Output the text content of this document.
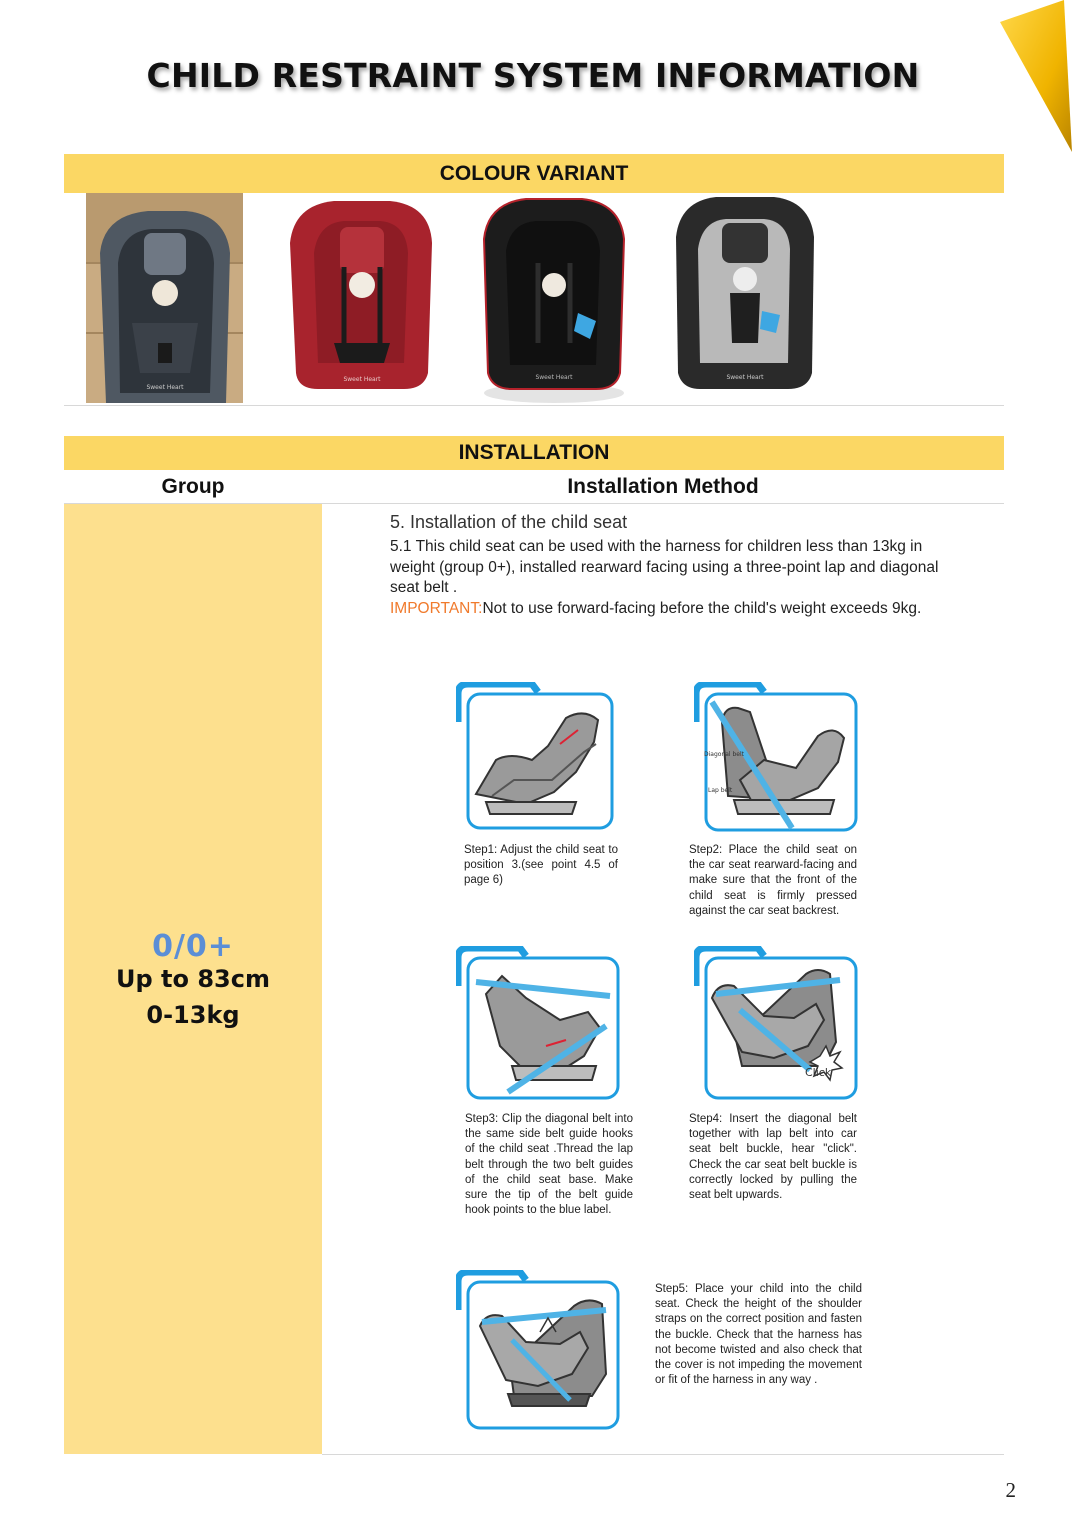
CHILD RESTRAINT SYSTEM INFORMATION
COLOUR VARIANT
Sweet Heart
Sweet Heart	Sweet Heart	Sweet Heart
INSTALLATION
Group	Installation Method
0/0+
Up to 83cm
0-13kg
5. Installation of the child seat
5.1 This child seat can be used with the harness for children less than 13kg in weight (group 0+), installed rearward facing using a three-point lap and diagonal seat belt .
IMPORTANT:Not to use forward-facing before the child's weight exceeds 9kg.
Step1: Adjust the child seat to position 3.(see point 4.5 of page 6)
Diagonal belt
Lap belt
Step2: Place the child seat on the car seat rearward-facing and make sure that the front of the child seat is firmly pressed against the car seat backrest.
Step3: Clip the diagonal belt into the same side belt guide hooks of the child seat .Thread the lap belt through the two belt guides of the child seat base. Make sure the tip of the belt guide hook points to the blue label.
Click
Step4: Insert the diagonal belt together with lap belt into car seat belt buckle, hear "click". Check the car seat belt buckle is correctly locked by pulling the seat belt upwards.
Step5: Place your child into the child seat. Check the height of the shoulder straps on the correct position and fasten the buckle. Check that the harness has not become twisted and also check that the cover is not impeding the movement or fit of the harness in any way .
2
